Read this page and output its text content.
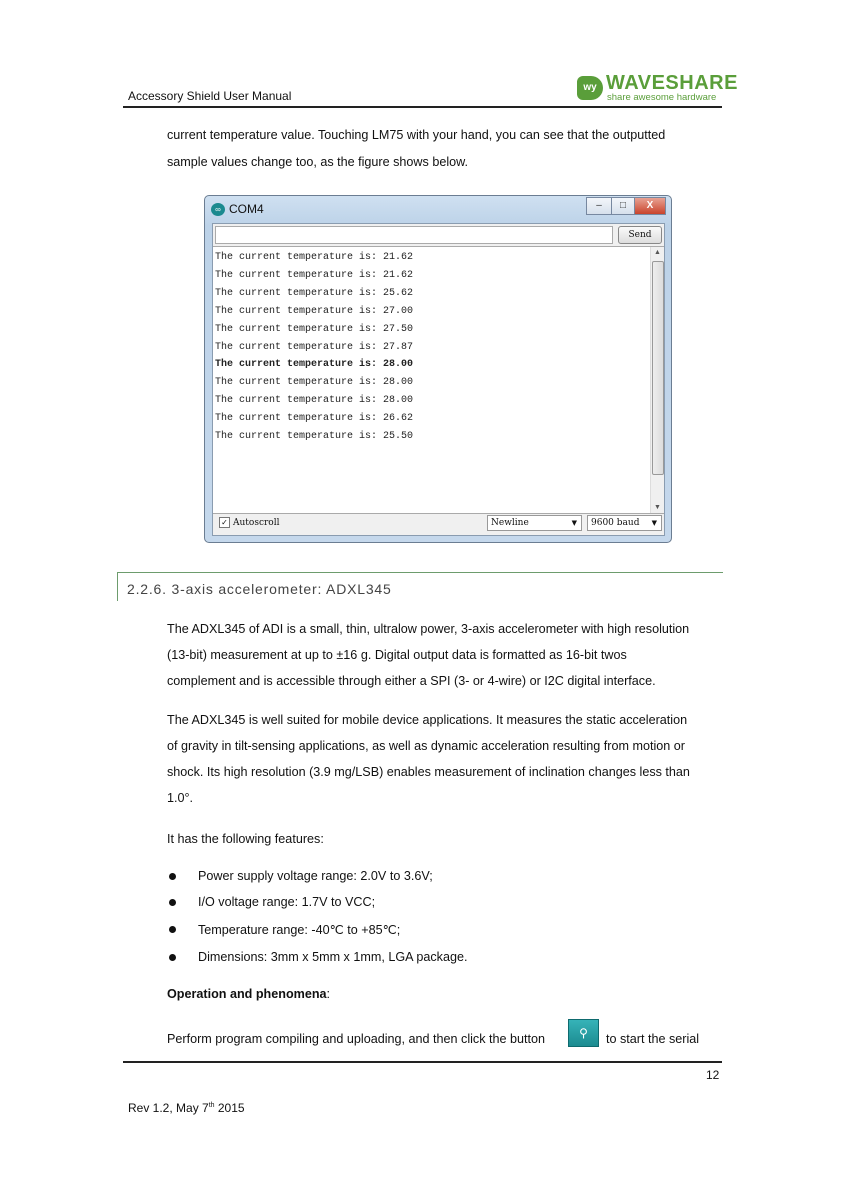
Accessory Shield User Manual
wy WAVESHARE
share awesome hardware
current temperature value. Touching LM75 with your hand, you can see that the outputted
sample values change too, as the figure shows below.
∞ COM4	–	□	X
Send
The current temperature is: 21.62
The current temperature is: 21.62
The current temperature is: 25.62
The current temperature is: 27.00
The current temperature is: 27.50
The current temperature is: 27.87
The current temperature is: 28.00
The current temperature is: 28.00
The current temperature is: 28.00
The current temperature is: 26.62
The current temperature is: 25.50
▲
▼
✓ Autoscroll	Newline	▼	9600 baud ▼
2.2.6. 3-axis accelerometer: ADXL345
The ADXL345 of ADI is a small, thin, ultralow power, 3-axis accelerometer with high resolution
(13-bit) measurement at up to ±16 g. Digital output data is formatted as 16-bit twos
complement and is accessible through either a SPI (3- or 4-wire) or I2C digital interface.
The ADXL345 is well suited for mobile device applications. It measures the static acceleration
of gravity in tilt-sensing applications, as well as dynamic acceleration resulting from motion or
shock. Its high resolution (3.9 mg/LSB) enables measurement of inclination changes less than
1.0°.
It has the following features:
Power supply voltage range: 2.0V to 3.6V;
I/O voltage range: 1.7V to VCC;
Temperature range: -40℃ to +85℃;
Dimensions: 3mm x 5mm x 1mm, LGA package.
Operation and phenomena:
Perform program compiling and uploading, and then click the button	⚲	to start the serial
12
Rev 1.2, May 7th 2015
